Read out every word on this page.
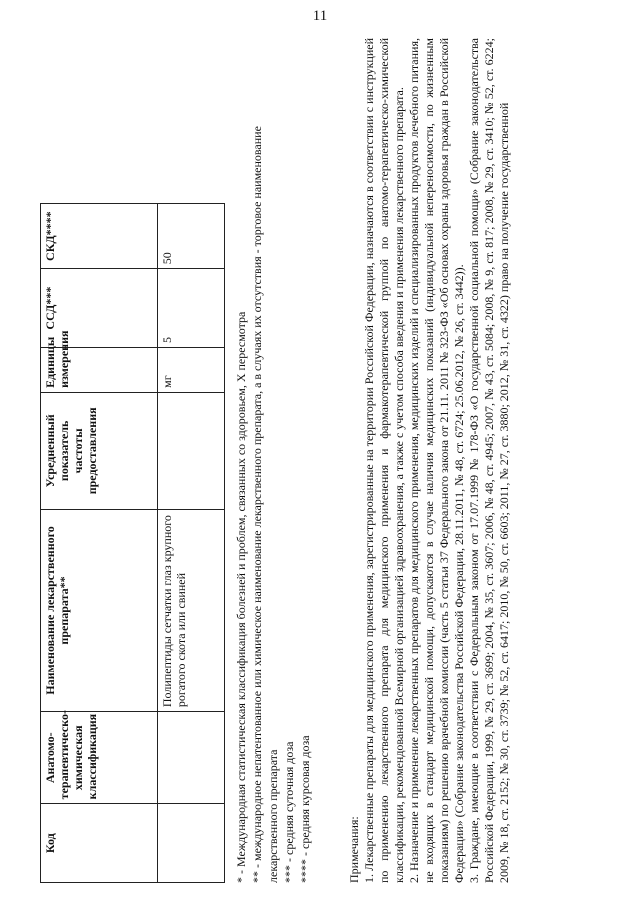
11
Код	Анатомо-терапевтическо-химическая классификация	Наименование лекарственного препарата**	Усредненный показатель частоты предоставления	Единицы измерения	ССД***	СКД****
		Полипептиды сетчатки глаз крупного рогатого скота или свиней		мг	5	50

* - Международная статистическая классификация болезней и проблем, связанных со здоровьем, X пересмотра ** - международное непатентованное или химическое наименование лекарственного препарата, а в случаях их отсутствия - торговое наименование лекарственного препарата *** - средняя суточная доза **** - средняя курсовая доза	Примечания: 1. Лекарственные препараты для медицинского применения, зарегистрированные на территории Российской Федерации, назначаются в соответствии с инструкцией по применению лекарственного препарата для медицинского применения и фармакотерапевтической группой по анатомо-терапевтическо-химической классификации, рекомендованной Всемирной организацией здравоохранения, а также с учетом способа введения и применения лекарственного препарата. 2. Назначение и применение лекарственных препаратов для медицинского применения, медицинских изделий и специализированных продуктов лечебного питания, не входящих в стандарт медицинской помощи, допускаются в случае наличия медицинских показаний (индивидуальной непереносимости, по жизненным показаниям) по решению врачебной комиссии (часть 5 статьи 37 Федерального закона от 21.11. 2011 № 323-ФЗ «Об основах охраны здоровья граждан в Российской Федерации» (Собрание законодательства Российской Федерации, 28.11.2011, № 48, ст. 6724; 25.06.2012, № 26, ст. 3442)). 3. Граждане, имеющие в соответствии с Федеральным законом от 17.07.1999 № 178-ФЗ «О государственной социальной помощи» (Собрание законодательства Российской Федерации, 1999, № 29, ст. 3699; 2004, № 35, ст. 3607; 2006, № 48, ст. 4945; 2007, № 43, ст. 5084; 2008, № 9, ст. 817; 2008, № 29, ст. 3410; № 52, ст. 6224; 2009, № 18, ст. 2152; № 30, ст. 3739; № 52, ст. 6417; 2010, № 50, ст. 6603; 2011, № 27, ст. 3880; 2012, № 31, ст. 4322) право на получение государственной
